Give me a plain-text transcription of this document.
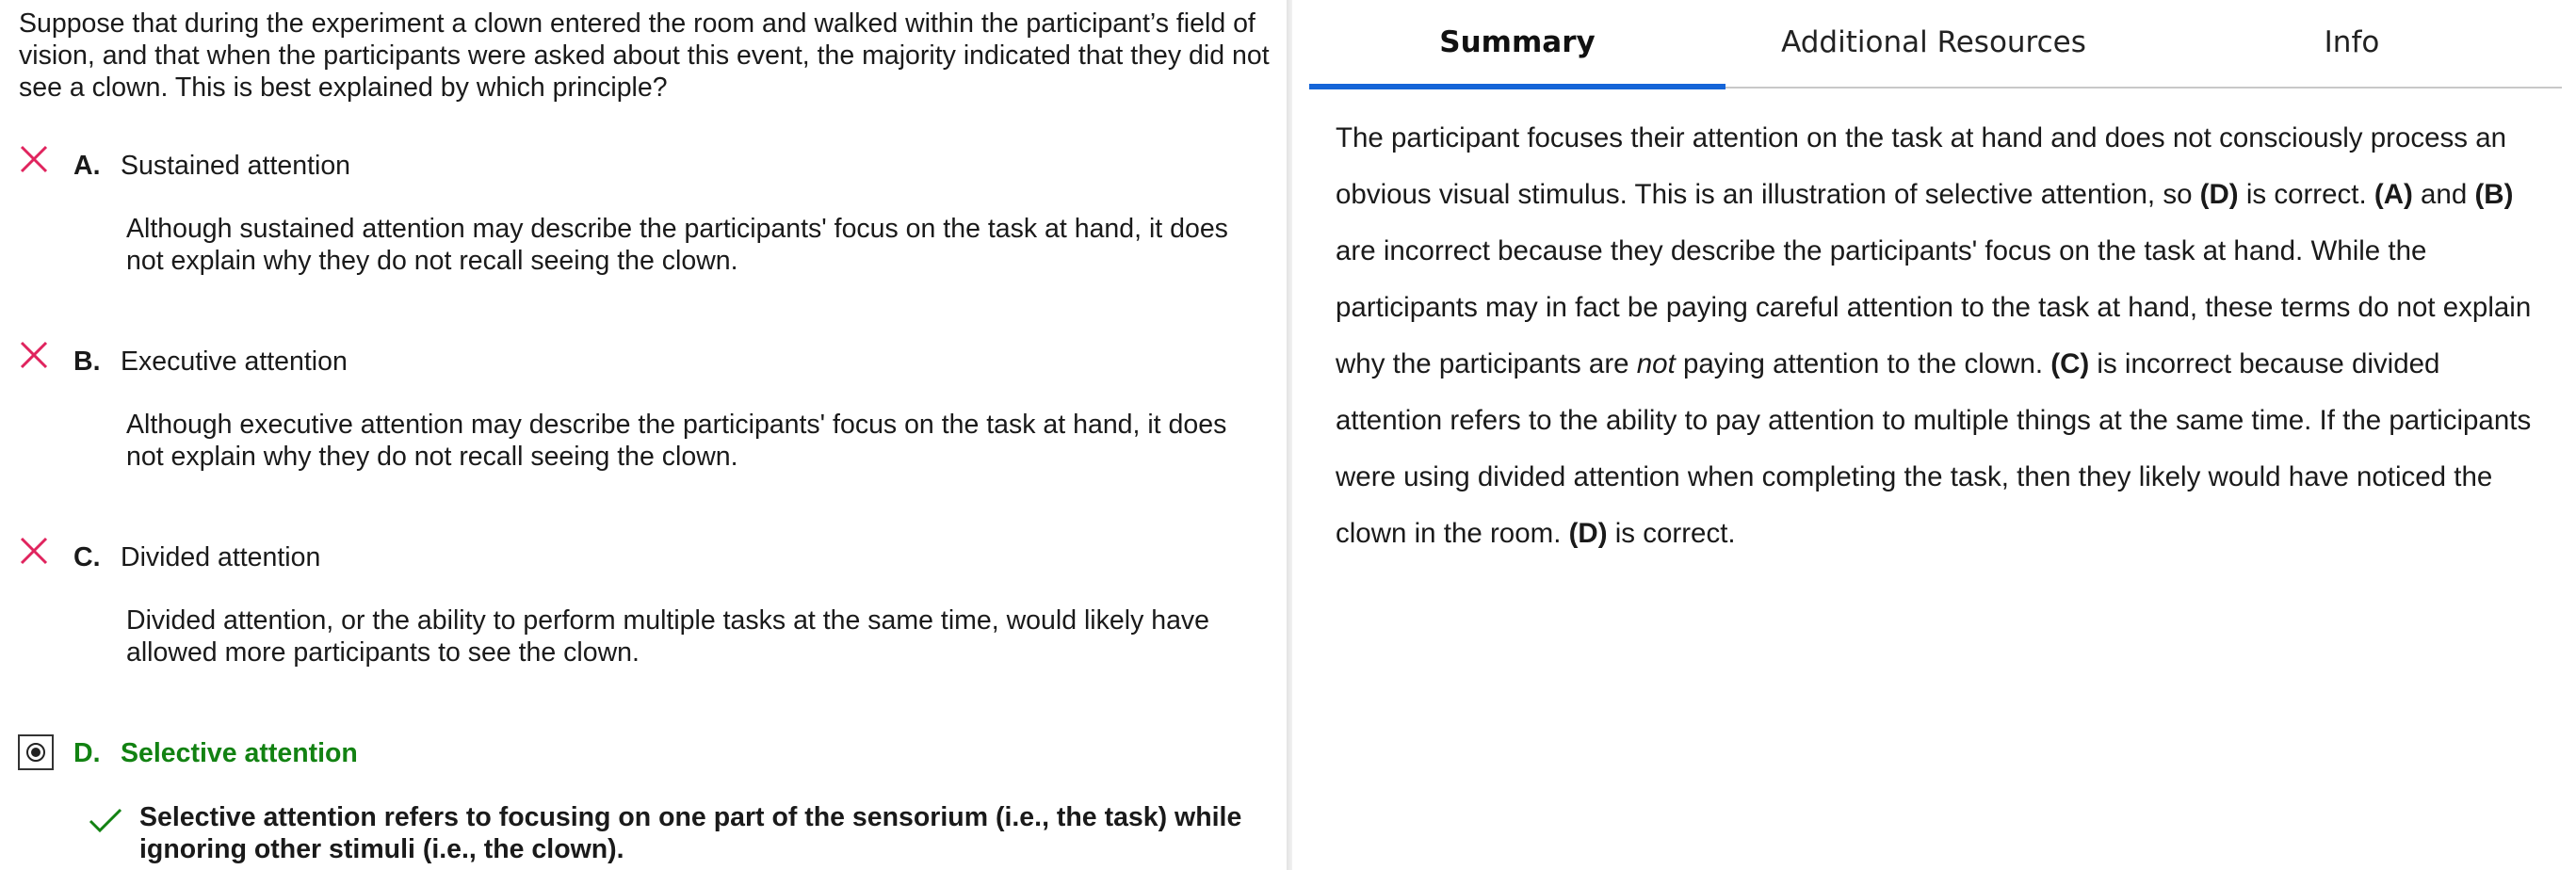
Suppose that during the experiment a clown entered the room and walked within the participant’s field of vision, and that when the participants were asked about this event, the majority indicated that they did not see a clown. This is best explained by which principle?
A. Sustained attention
Although sustained attention may describe the participants' focus on the task at hand, it does not explain why they do not recall seeing the clown.
B. Executive attention
Although executive attention may describe the participants' focus on the task at hand, it does not explain why they do not recall seeing the clown.
C. Divided attention
Divided attention, or the ability to perform multiple tasks at the same time, would likely have allowed more participants to see the clown.
D. Selective attention
Selective attention refers to focusing on one part of the sensorium (i.e., the task) while ignoring other stimuli (i.e., the clown).
Summary	Additional Resources	Info
The participant focuses their attention on the task at hand and does not consciously process an obvious visual stimulus. This is an illustration of selective attention, so (D) is correct. (A) and (B) are incorrect because they describe the participants' focus on the task at hand. While the participants may in fact be paying careful attention to the task at hand, these terms do not explain why the participants are not paying attention to the clown. (C) is incorrect because divided attention refers to the ability to pay attention to multiple things at the same time. If the participants were using divided attention when completing the task, then they likely would have noticed the clown in the room. (D) is correct.
